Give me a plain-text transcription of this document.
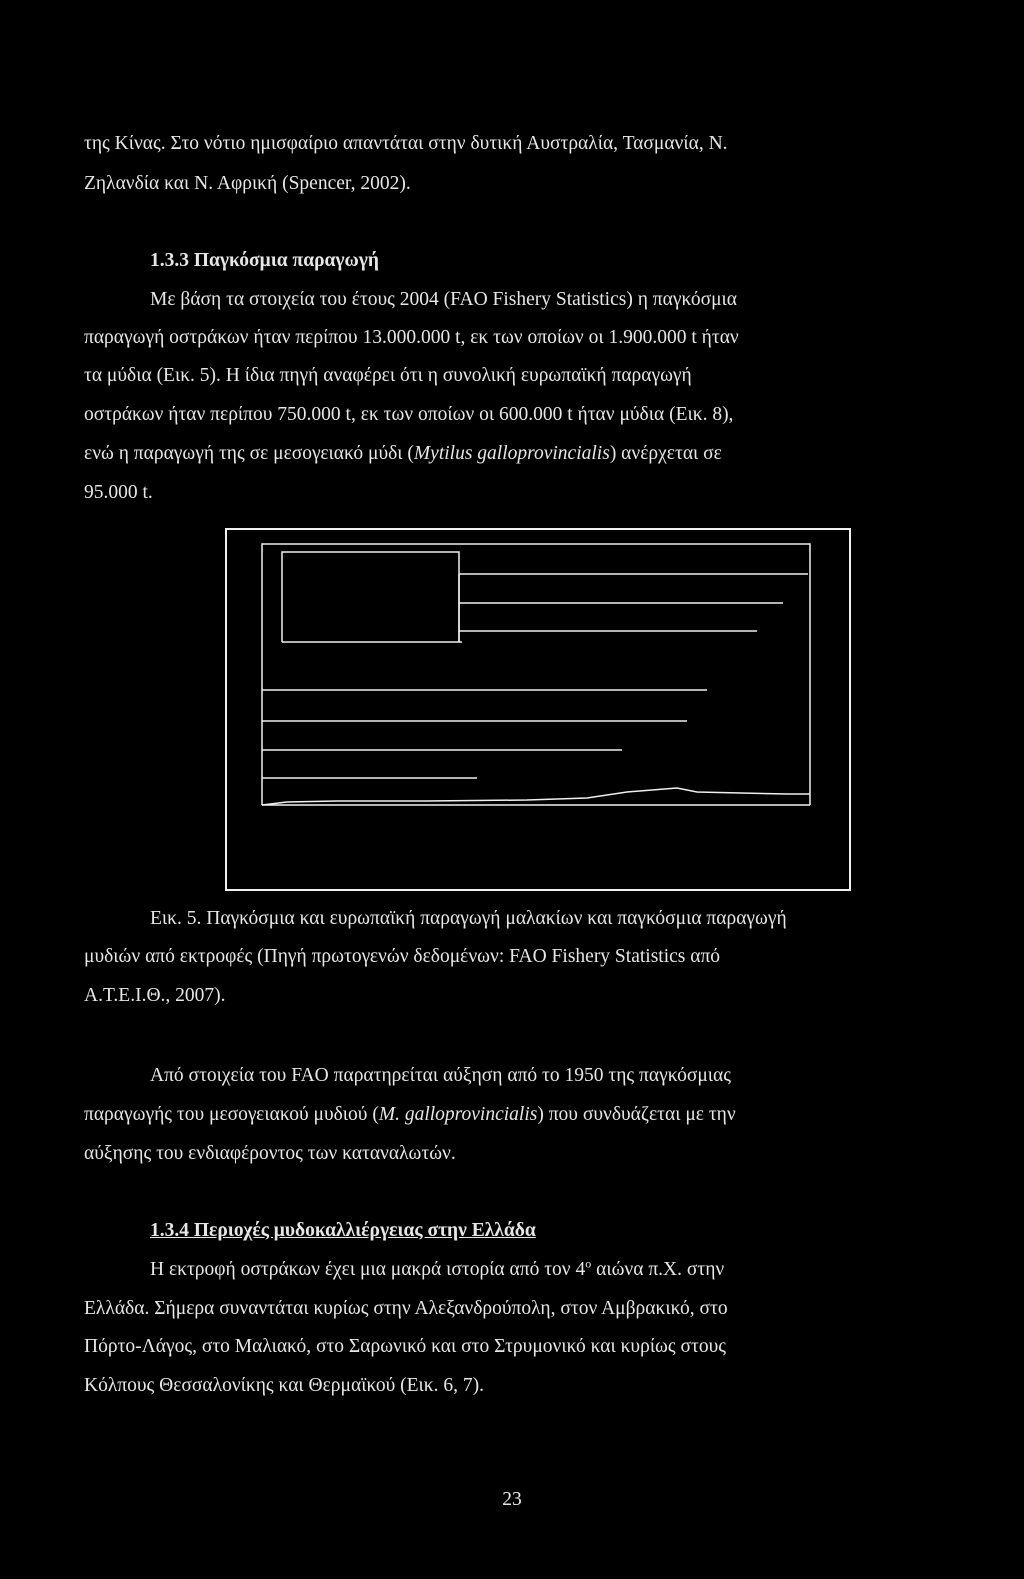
της Κίνας. Στο νότιο ημισφαίριο απαντάται στην δυτική Αυστραλία, Τασμανία, Ν.
Ζηλανδία και Ν. Αφρική (Spencer, 2002).
1.3.3 Παγκόσμια παραγωγή
Με βάση τα στοιχεία του έτους 2004 (FAO Fishery Statistics) η παγκόσμια
παραγωγή οστράκων ήταν περίπου 13.000.000 t, εκ των οποίων οι 1.900.000 t ήταν
τα μύδια (Εικ. 5). Η ίδια πηγή αναφέρει ότι η συνολική ευρωπαϊκή παραγωγή
οστράκων ήταν περίπου 750.000 t, εκ των οποίων οι 600.000 t ήταν μύδια (Εικ. 8),
ενώ η παραγωγή της σε μεσογειακό μύδι (Mytilus galloprovincialis) ανέρχεται σε
95.000 t.
Εικ. 5. Παγκόσμια και ευρωπαϊκή παραγωγή μαλακίων και παγκόσμια παραγωγή
μυδιών από εκτροφές (Πηγή πρωτογενών δεδομένων: FAO Fishery Statistics από
Α.Τ.Ε.Ι.Θ., 2007).
Από στοιχεία του FAO παρατηρείται αύξηση από το 1950 της παγκόσμιας
παραγωγής του μεσογειακού μυδιού (M. galloprovincialis) που συνδυάζεται με την
αύξησης του ενδιαφέροντος των καταναλωτών.
1.3.4 Περιοχές μυδοκαλλιέργειας στην Ελλάδα
Η εκτροφή οστράκων έχει μια μακρά ιστορία από τον $4^o$ αιώνα π.Χ. στην
Ελλάδα. Σήμερα συναντάται κυρίως στην Αλεξανδρούπολη, στον Αμβρακικό, στο
Πόρτο-Λάγος, στο Μαλιακό, στο Σαρωνικό και στο Στρυμονικό και κυρίως στους
Κόλπους Θεσσαλονίκης και Θερμαϊκού (Εικ. 6, 7).
23
